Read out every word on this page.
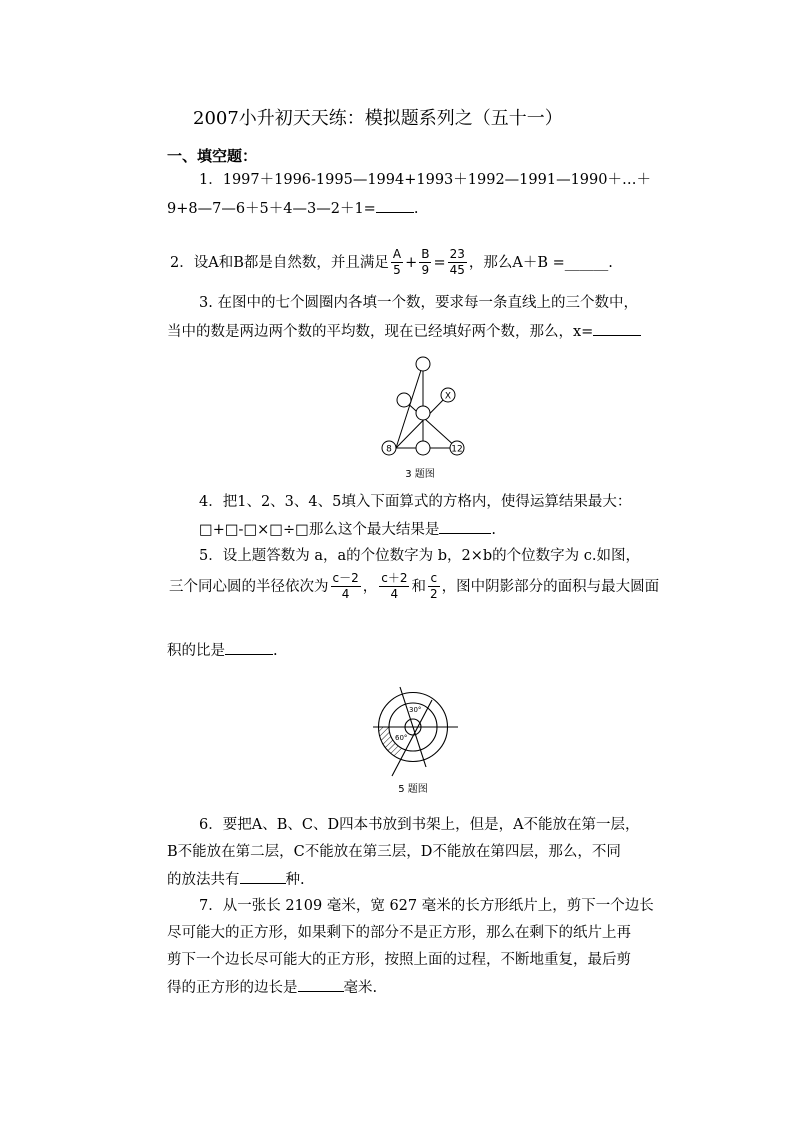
2007小升初天天练：模拟题系列之（五十一）
一、填空题：
1．1997＋1996-1995—1994+1993＋1992—1991—1990＋…＋
9+8—7—6＋5＋4—3—2＋1=	.
2．设A和B都是自然数，并且满足 $\frac{A}{5} + \frac{B}{9} = \frac{23}{45}$ ，那么A＋B =______.
3. 在图中的七个圆圈内各填一个数，要求每一条直线上的三个数中，
当中的数是两边两个数的平均数，现在已经填好两个数，那么，x=
X
8	12
3 题图
4．把1、2、3、4、5填入下面算式的方格内，使得运算结果最大：
□+□-□×□÷□那么这个最大结果是	.
5．设上题答数为 a，a的个位数字为 b，2×b的个位数字为 c.如图，
三个同心圆的半径依次为 $\frac{c-2}{4}$ ， $\frac{c+2}{4}$ 和 $\frac{c}{2}$ ，图中阴影部分的面积与最大圆面
积的比是	.
30°
60°
5 题图
6．要把A、B、C、D四本书放到书架上，但是，A不能放在第一层，
B不能放在第二层，C不能放在第三层，D不能放在第四层，那么，不同
的放法共有	种.
7．从一张长 2109 毫米，宽 627 毫米的长方形纸片上，剪下一个边长
尽可能大的正方形，如果剩下的部分不是正方形，那么在剩下的纸片上再
剪下一个边长尽可能大的正方形，按照上面的过程，不断地重复，最后剪
得的正方形的边长是	毫米.
